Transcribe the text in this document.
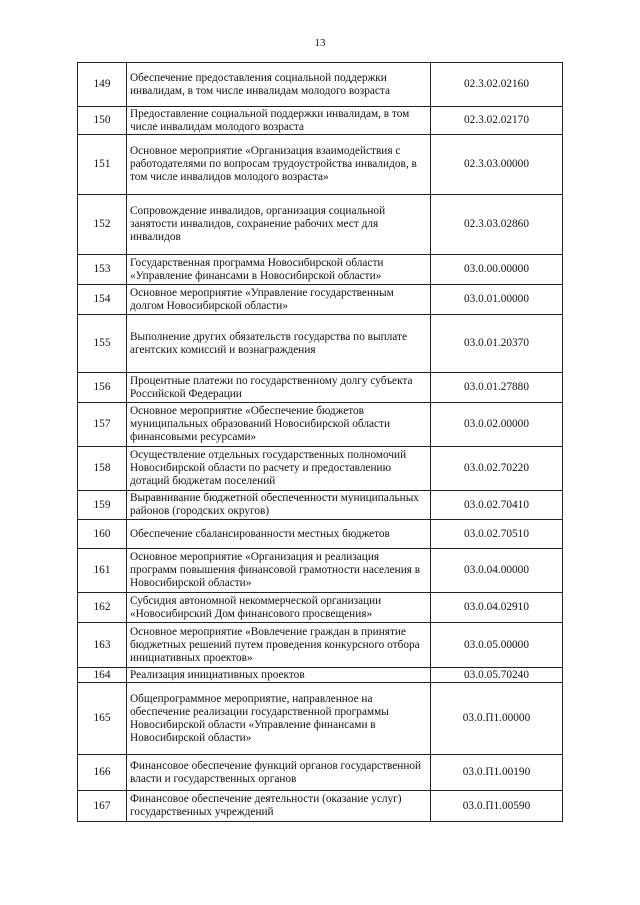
13
149	Обеспечение предоставления социальной поддержки инвалидам, в том числе инвалидам молодого возраста	02.3.02.02160
150	Предоставление социальной поддержки инвалидам, в том числе инвалидам молодого возраста	02.3.02.02170
151	Основное мероприятие «Организация взаимодействия с работодателями по вопросам трудоустройства инвалидов, в том числе инвалидов молодого возраста»	02.3.03.00000
152	Сопровождение инвалидов, организация социальной занятости инвалидов, сохранение рабочих мест для инвалидов	02.3.03.02860
153	Государственная программа Новосибирской области «Управление финансами в Новосибирской области»	03.0.00.00000
154	Основное мероприятие «Управление государственным долгом Новосибирской области»	03.0.01.00000
155	Выполнение других обязательств государства по выплате агентских комиссий и вознаграждения	03.0.01.20370
156	Процентные платежи по государственному долгу субъекта Российской Федерации	03.0.01.27880
157	Основное мероприятие «Обеспечение бюджетов муниципальных образований Новосибирской области финансовыми ресурсами»	03.0.02.00000
158	Осуществление отдельных государственных полномочий Новосибирской области по расчету и предоставлению дотаций бюджетам поселений	03.0.02.70220
159	Выравнивание бюджетной обеспеченности муниципальных районов (городских округов)	03.0.02.70410
160	Обеспечение сбалансированности местных бюджетов	03.0.02.70510
161	Основное мероприятие «Организация и реализация программ повышения финансовой грамотности населения в Новосибирской области»	03.0.04.00000
162	Субсидия автономной некоммерческой организации «Новосибирский Дом финансового просвещения»	03.0.04.02910
163	Основное мероприятие «Вовлечение граждан в принятие бюджетных решений путем проведения конкурсного отбора инициативных проектов»	03.0.05.00000
164	Реализация инициативных проектов	03.0.05.70240
165	Общепрограммное мероприятие, направленное на обеспечение реализации государственной программы Новосибирской области «Управление финансами в Новосибирской области»	03.0.П1.00000
166	Финансовое обеспечение функций органов государственной власти и государственных органов	03.0.П1.00190
167	Финансовое обеспечение деятельности (оказание услуг) государственных учреждений	03.0.П1.00590
